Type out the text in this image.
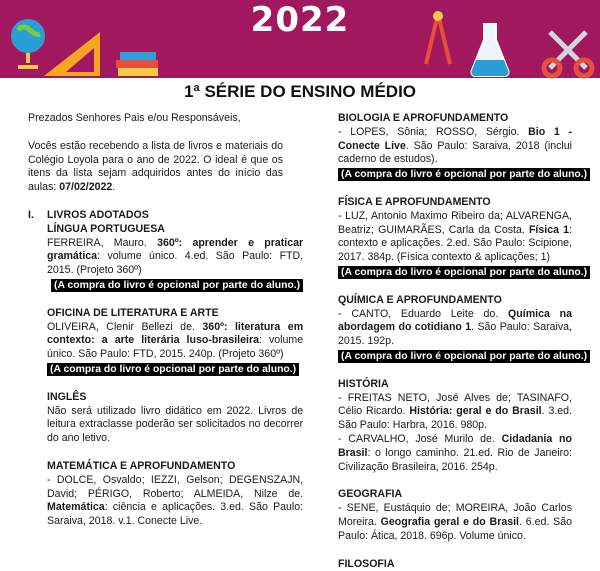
2022
1ª SÉRIE DO ENSINO MÉDIO

Prezados Senhores Pais e/ou Responsáveis,

Vocês estão recebendo a lista de livros e materiais do Colégio Loyola para o ano de 2022. O ideal é que os itens da lista sejam adquiridos antes do início das aulas: 07/02/2022.

I.	LIVROS ADOTADOS

LÍNGUA PORTUGUESA

FERREIRA, Mauro. 360º: aprender e praticar gramática: volume único. 4.ed. São Paulo: FTD, 2015. (Projeto 360º)

(A compra do livro é opcional por parte do aluno.)

OFICINA DE LITERATURA E ARTE

OLIVEIRA, Clenir Bellezi de. 360º: literatura em contexto: a arte literária luso-brasileira: volume único. São Paulo: FTD, 2015. 240p. (Projeto 360º)

(A compra do livro é opcional por parte do aluno.)

INGLÊS

Não será utilizado livro didático em 2022. Livros de leitura extraclasse poderão ser solicitados no decorrer do ano letivo.

MATEMÁTICA E APROFUNDAMENTO

- DOLCE, Osvaldo; IEZZI, Gelson; DEGENSZAJN, David; PÉRIGO, Roberto; ALMEIDA, Nilze de. Matemática: ciência e aplicações. 3.ed. São Paulo: Saraiva, 2018. v.1. Conecte Live.

BIOLOGIA E APROFUNDAMENTO

- LOPES, Sônia; ROSSO, Sérgio. Bio 1 - Conecte Live. São Paulo: Saraiva, 2018 (inclui caderno de estudos).

(A compra do livro é opcional por parte do aluno.)

FÍSICA E APROFUNDAMENTO

- LUZ, Antonio Maximo Ribeiro da; ALVARENGA, Beatriz; GUIMARÃES, Carla da Costa. Física 1: contexto e aplicações. 2.ed. São Paulo: Scipione, 2017. 384p. (Física contexto & aplicações; 1)

(A compra do livro é opcional por parte do aluno.)

QUÍMICA E APROFUNDAMENTO

- CANTO, Eduardo Leite do. Química na abordagem do cotidiano 1. São Paulo: Saraiva, 2015. 192p.

(A compra do livro é opcional por parte do aluno.)

HISTÓRIA

- FREITAS NETO, José Alves de; TASINAFO, Célio Ricardo. História: geral e do Brasil. 3.ed. São Paulo: Harbra, 2016. 980p.

- CARVALHO, José Murilo de. Cidadania no Brasil: o longo caminho. 21.ed. Rio de Janeiro: Civilização Brasileira, 2016. 254p.

GEOGRAFIA

- SENE, Eustáquio de; MOREIRA, João Carlos Moreira. Geografia geral e do Brasil. 6.ed. São Paulo: Ática, 2018. 696p. Volume único.

FILOSOFIA
